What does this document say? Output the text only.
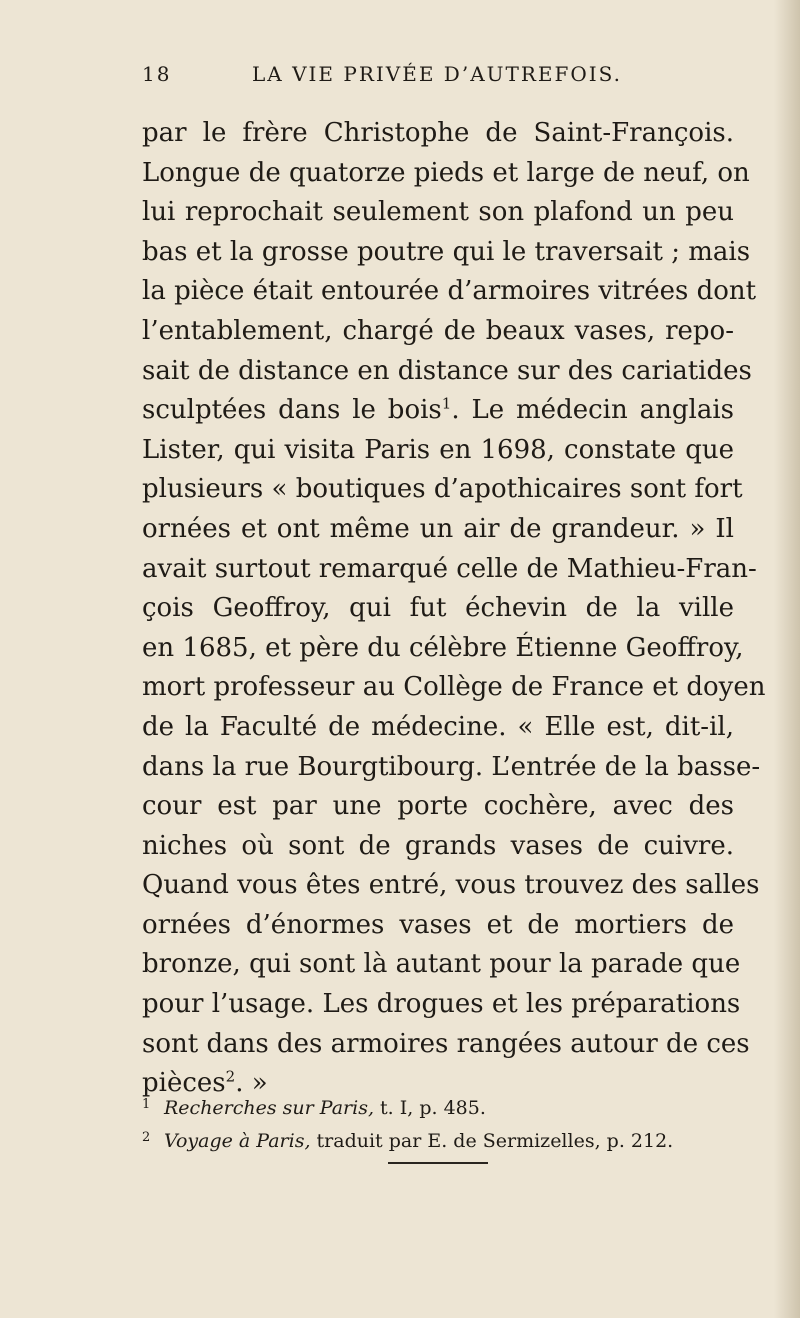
18	LA VIE PRIVÉE D’AUTREFOIS.
par le frère Christophe de Saint-François.
Longue de quatorze pieds et large de neuf, on
lui reprochait seulement son plafond un peu
bas et la grosse poutre qui le traversait ; mais
la pièce était entourée d’armoires vitrées dont
l’entablement, chargé de beaux vases, repo-
sait de distance en distance sur des cariatides
sculptées dans le bois$^1$. Le médecin anglais
Lister, qui visita Paris en 1698, constate que
plusieurs « boutiques d’apothicaires sont fort
ornées et ont même un air de grandeur. » Il
avait surtout remarqué celle de Mathieu-Fran-
çois Geoffroy, qui fut échevin de la ville
en 1685, et père du célèbre Étienne Geoffroy,
mort professeur au Collège de France et doyen
de la Faculté de médecine. « Elle est, dit-il,
dans la rue Bourgtibourg. L’entrée de la basse-
cour est par une porte cochère, avec des
niches où sont de grands vases de cuivre.
Quand vous êtes entré, vous trouvez des salles
ornées d’énormes vases et de mortiers de
bronze, qui sont là autant pour la parade que
pour l’usage. Les drogues et les préparations
sont dans des armoires rangées autour de ces
pièces$^2$. »
1 Recherches sur Paris, t. I, p. 485.
2 Voyage à Paris, traduit par E. de Sermizelles, p. 212.
